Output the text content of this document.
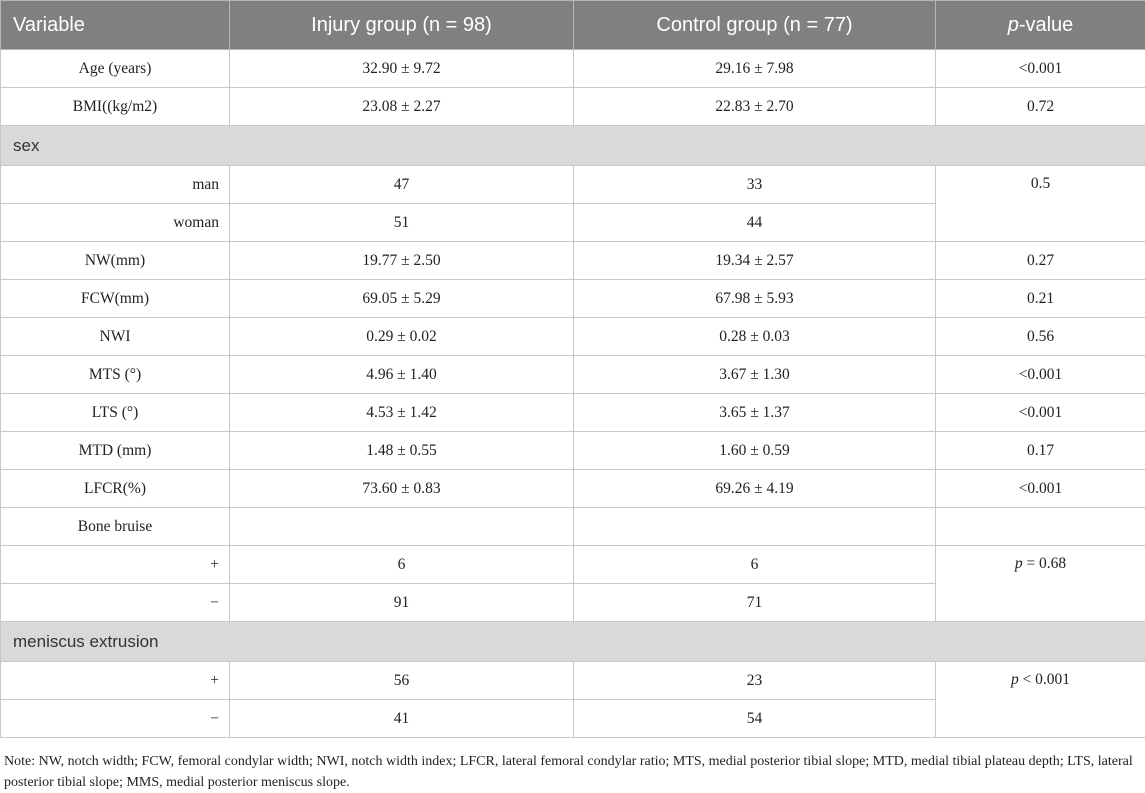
Variable	Injury group (n = 98)	Control group (n = 77)	p-value
Age (years)	32.90 ± 9.72	29.16 ± 7.98	<0.001
BMI((kg/m2)	23.08 ± 2.27	22.83 ± 2.70	0.72
sex			
man	47	33	0.5
woman	51	44	
NW(mm)	19.77 ± 2.50	19.34 ± 2.57	0.27
FCW(mm)	69.05 ± 5.29	67.98 ± 5.93	0.21
NWI	0.29 ± 0.02	0.28 ± 0.03	0.56
MTS (°)	4.96 ± 1.40	3.67 ± 1.30	<0.001
LTS (°)	4.53 ± 1.42	3.65 ± 1.37	<0.001
MTD (mm)	1.48 ± 0.55	1.60 ± 0.59	0.17
LFCR(%)	73.60 ± 0.83	69.26 ± 4.19	<0.001
Bone bruise			
+	6	6	p = 0.68
−	91	71	
meniscus extrusion			
+	56	23	p < 0.001
−	41	54	
Note: NW, notch width; FCW, femoral condylar width; NWI, notch width index; LFCR, lateral femoral condylar ratio; MTS, medial posterior tibial slope; MTD, medial tibial plateau depth; LTS, lateral posterior tibial slope; MMS, medial posterior meniscus slope.
